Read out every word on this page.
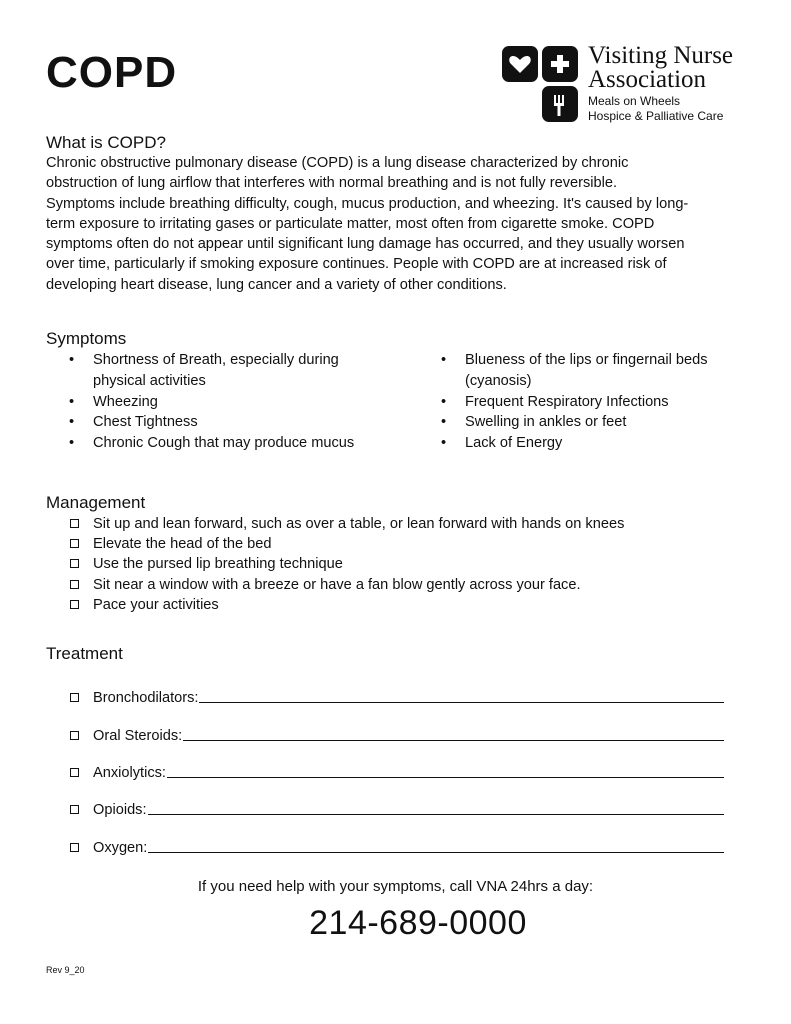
COPD	Visiting Nurse
Association
Meals on Wheels
Hospice & Palliative Care
What is COPD?
Chronic obstructive pulmonary disease (COPD) is a lung disease characterized by chronic
obstruction of lung airflow that interferes with normal breathing and is not fully reversible.
Symptoms include breathing difficulty, cough, mucus production, and wheezing. It's caused by long-
term exposure to irritating gases or particulate matter, most often from cigarette smoke. COPD
symptoms often do not appear until significant lung damage has occurred, and they usually worsen
over time, particularly if smoking exposure continues. People with COPD are at increased risk of
developing heart disease, lung cancer and a variety of other conditions.
Symptoms
• Shortness of Breath, especially during physical activities
• Wheezing
• Chest Tightness
• Chronic Cough that may produce mucus
• Blueness of the lips or fingernail beds (cyanosis)
• Frequent Respiratory Infections
• Swelling in ankles or feet
• Lack of Energy
Management
Sit up and lean forward, such as over a table, or lean forward with hands on knees
Elevate the head of the bed
Use the pursed lip breathing technique
Sit near a window with a breeze or have a fan blow gently across your face.
Pace your activities
Treatment
Bronchodilators:
Oral Steroids:
Anxiolytics:
Opioids:
Oxygen:
If you need help with your symptoms, call VNA 24hrs a day:
214-689-0000
Rev 9_20
